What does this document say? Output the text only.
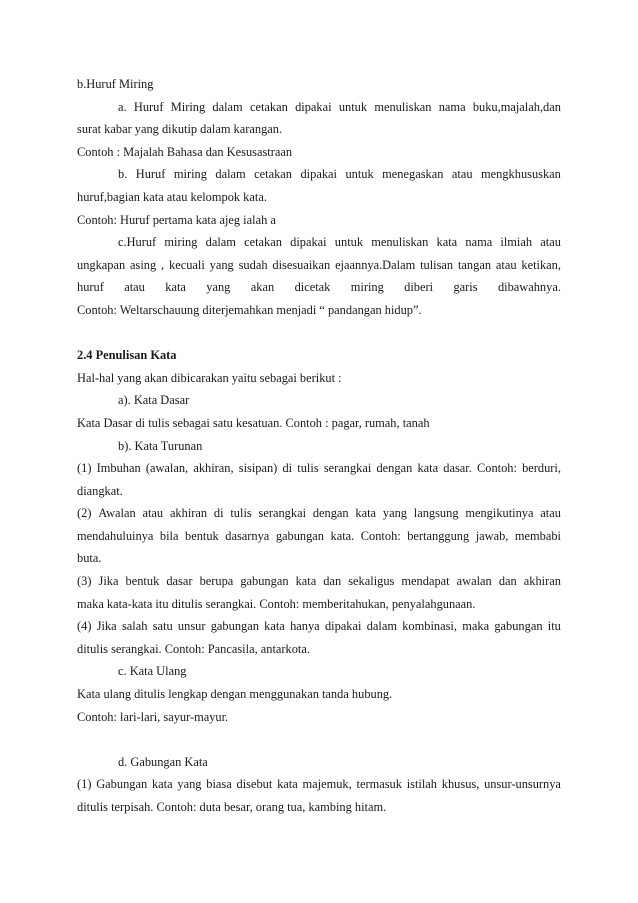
b.Huruf Miring
a. Huruf Miring dalam cetakan dipakai untuk menuliskan nama buku,majalah,dan
surat kabar yang dikutip dalam karangan.
Contoh : Majalah Bahasa dan Kesusastraan
b. Huruf miring dalam cetakan dipakai untuk menegaskan atau mengkhususkan
huruf,bagian kata atau kelompok kata.
Contoh: Huruf pertama kata ajeg ialah a
c.Huruf miring dalam cetakan dipakai untuk menuliskan kata nama ilmiah atau
ungkapan asing , kecuali yang sudah disesuaikan ejaannya.Dalam tulisan tangan atau ketikan,
huruf atau kata yang akan dicetak miring diberi garis dibawahnya.
Contoh: Weltarschauung diterjemahkan menjadi “ pandangan hidup”.
2.4 Penulisan Kata
Hal-hal yang akan dibicarakan yaitu sebagai berikut :
a). Kata Dasar
Kata Dasar di tulis sebagai satu kesatuan. Contoh : pagar, rumah, tanah
b). Kata Turunan
(1) Imbuhan (awalan, akhiran, sisipan) di tulis serangkai dengan kata dasar. Contoh: berduri,
diangkat.
(2) Awalan atau akhiran di tulis serangkai dengan kata yang langsung mengikutinya atau
mendahuluinya bila bentuk dasarnya gabungan kata. Contoh: bertanggung jawab, membabi
buta.
(3) Jika bentuk dasar berupa gabungan kata dan sekaligus mendapat awalan dan akhiran
maka kata-kata itu ditulis serangkai. Contoh: memberitahukan, penyalahgunaan.
(4) Jika salah satu unsur gabungan kata hanya dipakai dalam kombinasi, maka gabungan itu
ditulis serangkai. Contoh: Pancasila, antarkota.
c. Kata Ulang
Kata ulang ditulis lengkap dengan menggunakan tanda hubung.
Contoh: lari-lari, sayur-mayur.
d. Gabungan Kata
(1) Gabungan kata yang biasa disebut kata majemuk, termasuk istilah khusus, unsur-unsurnya
ditulis terpisah. Contoh: duta besar, orang tua, kambing hitam.
